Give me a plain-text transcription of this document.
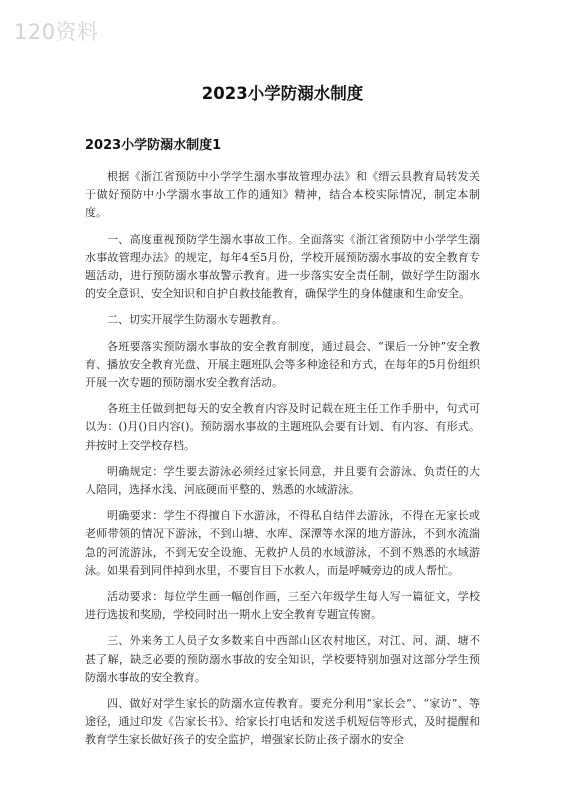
120资料
2023小学防溺水制度
2023小学防溺水制度1

根据《浙江省预防中小学学生溺水事故管理办法》和《缙云县教育局转发关于做好预防中小学溺水事故工作的通知》精神，结合本校实际情况，制定本制度。

一、高度重视预防学生溺水事故工作。全面落实《浙江省预防中小学学生溺水事故管理办法》的规定，每年4至5月份，学校开展预防溺水事故的安全教育专题活动，进行预防溺水事故警示教育。进一步落实安全责任制，做好学生防溺水的安全意识、安全知识和自护自救技能教育，确保学生的身体健康和生命安全。

二、切实开展学生防溺水专题教育。

各班要落实预防溺水事故的安全教育制度，通过晨会、“课后一分钟”安全教育、播放安全教育光盘、开展主题班队会等多种途径和方式，在每年的5月份组织开展一次专题的预防溺水安全教育活动。

各班主任做到把每天的安全教育内容及时记载在班主任工作手册中，句式可以为：()月()日内容()。预防溺水事故的主题班队会要有计划、有内容、有形式。并按时上交学校存档。

明确规定：学生要去游泳必须经过家长同意，并且要有会游泳、负责任的大人陪同，选择水浅、河底硬而平整的、熟悉的水域游泳。

明确要求：学生不得擅自下水游泳，不得私自结伴去游泳，不得在无家长或老师带领的情况下游泳，不到山塘、水库、深潭等水深的地方游泳，不到水流湍急的河流游泳，不到无安全设施、无救护人员的水域游泳，不到不熟悉的水域游泳。如果看到同伴掉到水里，不要盲目下水救人，而是呼喊旁边的成人帮忙。

活动要求：每位学生画一幅创作画，三至六年级学生每人写一篇征文，学校进行选拔和奖励，学校同时出一期水上安全教育专题宣传窗。

三、外来务工人员子女多数来自中西部山区农村地区，对江、河、湖、塘不甚了解，缺乏必要的预防溺水事故的安全知识，学校要特别加强对这部分学生预防溺水事故的安全教育。

四、做好对学生家长的防溺水宣传教育。要充分利用“家长会”、“家访”、等途径，通过印发《告家长书》、给家长打电话和发送手机短信等形式，及时提醒和教育学生家长做好孩子的安全监护，增强家长防止孩子溺水的安全
